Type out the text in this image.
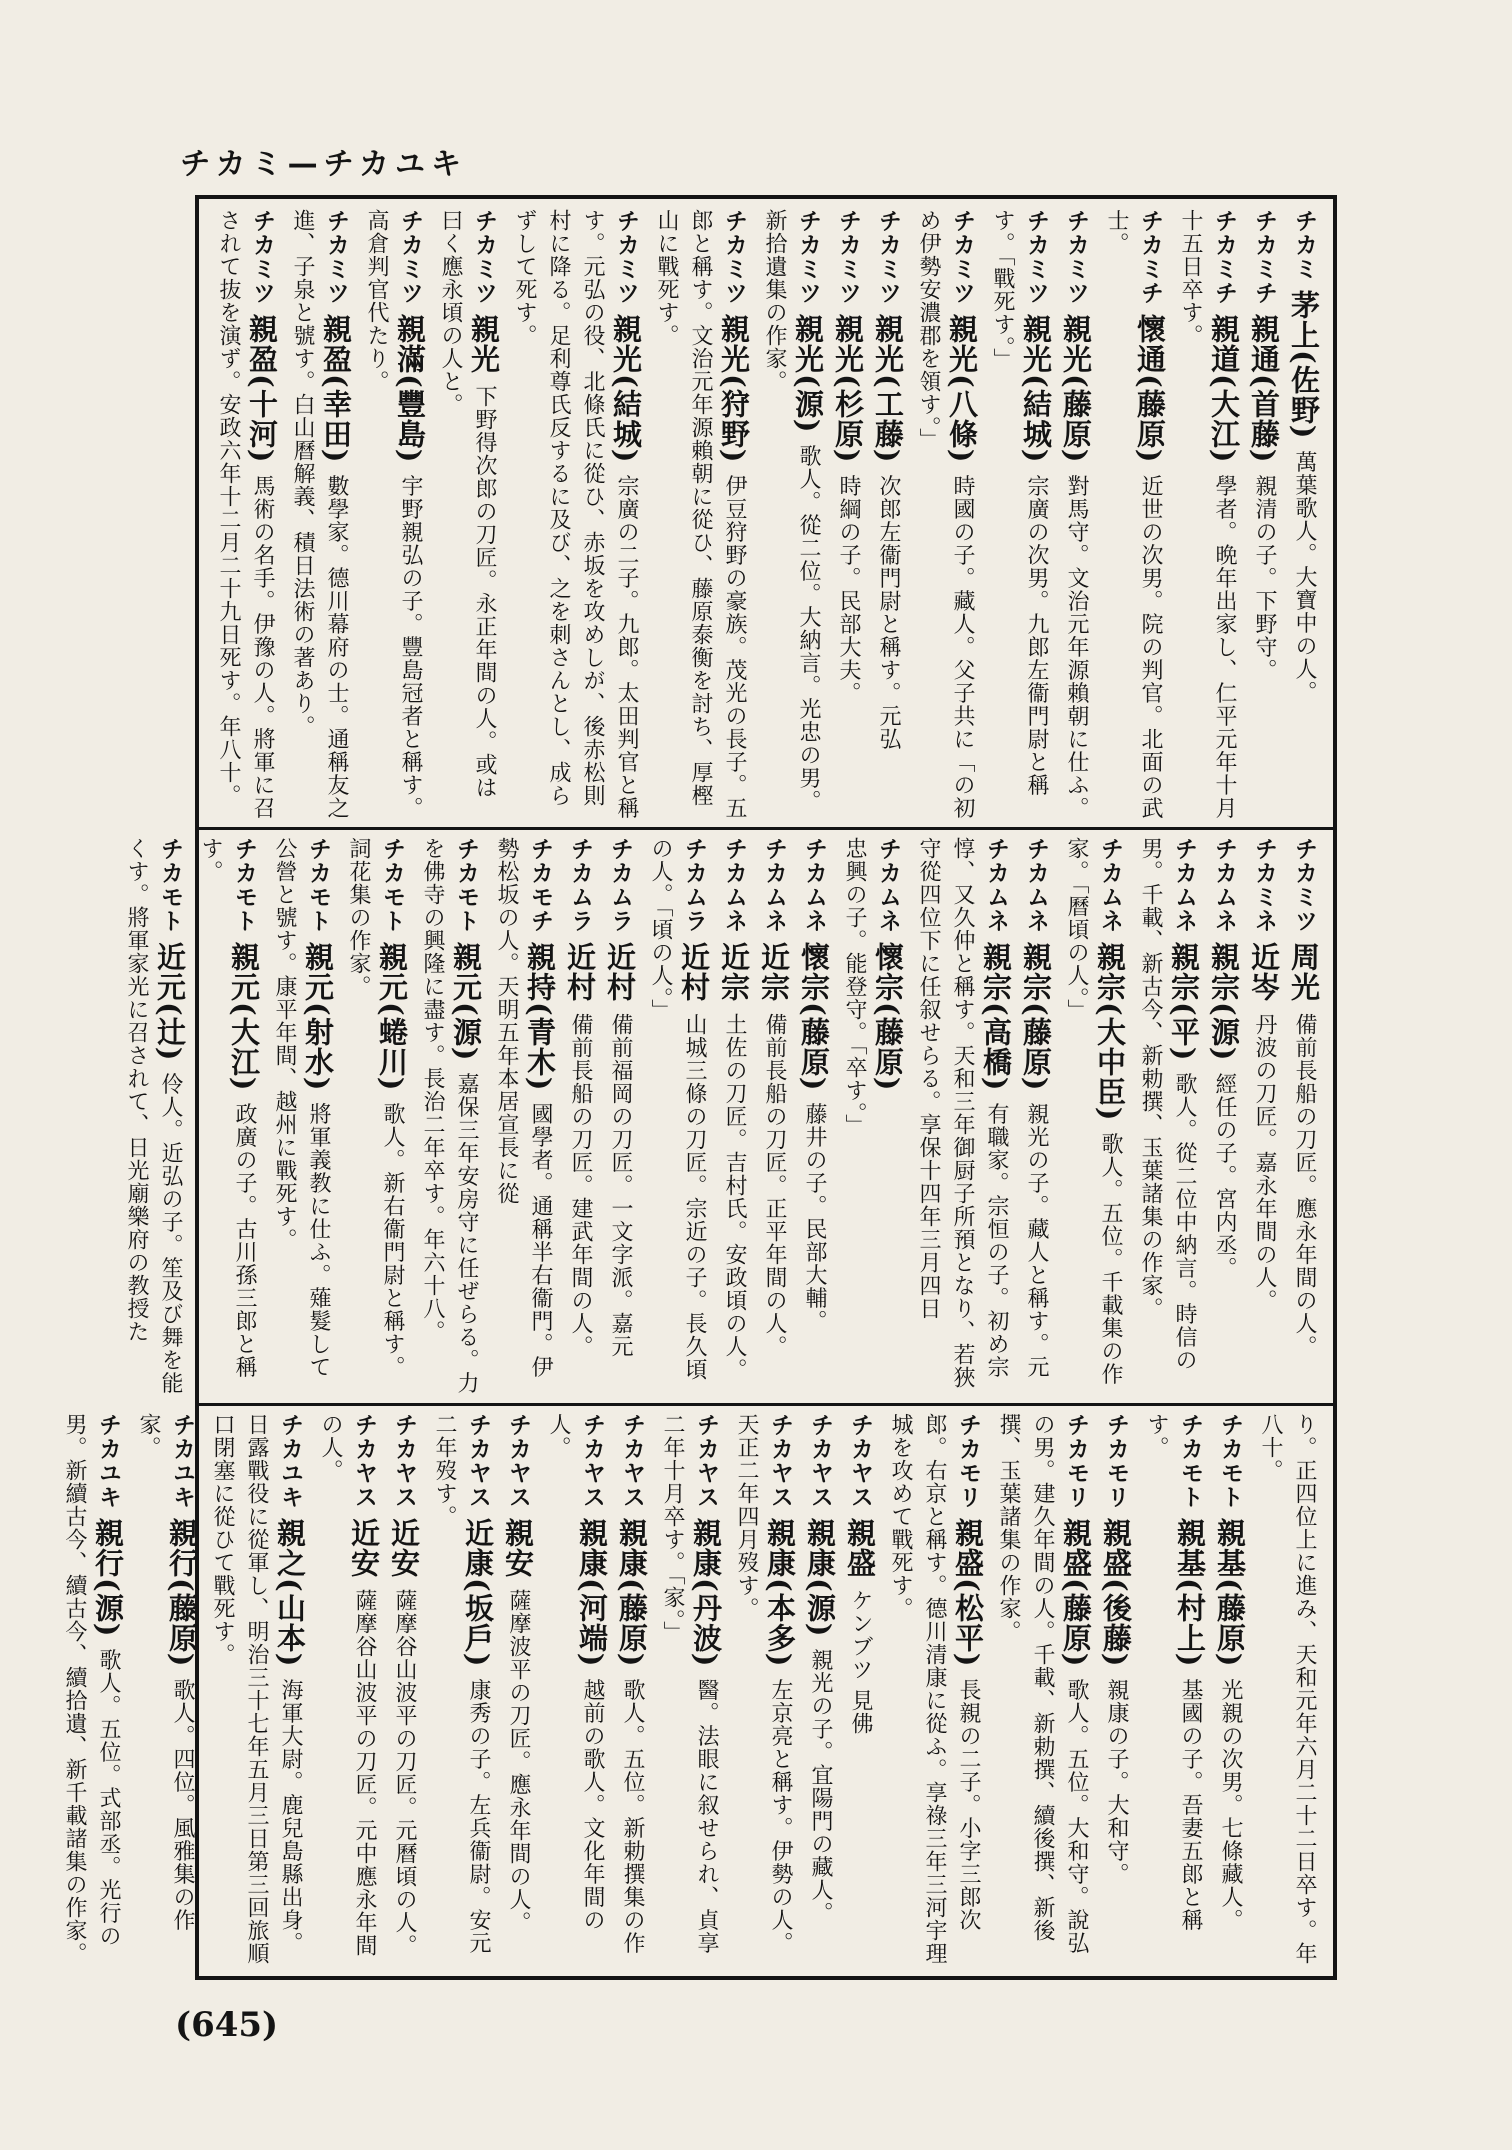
チカミ—チカユキ
チカミ 茅上(佐野) 萬葉歌人。大寶中の人。
チカミチ 親通(首藤) 親清の子。下野守。
チカミチ 親道(大江) 學者。晩年出家し、仁平元年十月十五日卒す。
チカミチ 懷通(藤原) 近世の次男。院の判官。北面の武士。
チカミツ 親光(藤原) 對馬守。文治元年源賴朝に仕ふ。
チカミツ 親光(結城) 宗廣の次男。九郎左衞門尉と稱す。「戰死す。」
チカミツ 親光(八條) 時國の子。藏人。父子共に「の初め伊勢安濃郡を領す。」
チカミツ 親光(工藤) 次郎左衞門尉と稱す。元弘
チカミツ 親光(杉原) 時綱の子。民部大夫。
チカミツ 親光(源) 歌人。從二位。大納言。光忠の男。新拾遺集の作家。
チカミツ 親光(狩野) 伊豆狩野の豪族。茂光の長子。五郎と稱す。文治元年源賴朝に從ひ、藤原泰衡を討ち、厚樫山に戰死す。
チカミツ 親光(結城) 宗廣の二子。九郎。太田判官と稱す。元弘の役、北條氏に從ひ、赤坂を攻めしが、後赤松則村に降る。足利尊氏反するに及び、之を刺さんとし、成らずして死す。
チカミツ 親光 下野得次郎の刀匠。永正年間の人。或は曰く應永頃の人と。
チカミツ 親滿(豐島) 宇野親弘の子。豐島冠者と稱す。高倉判官代たり。
チカミツ 親盈(幸田) 數學家。德川幕府の士。通稱友之進、子泉と號す。白山曆解義、積日法術の著あり。
チカミツ 親盈(十河) 馬術の名手。伊豫の人。將軍に召されて抜を演ず。安政六年十二月二十九日死す。年八十。
チカミツ 周光 備前長船の刀匠。應永年間の人。
チカミネ 近岑 丹波の刀匠。嘉永年間の人。
チカムネ 親宗(源) 經任の子。宮内丞。
チカムネ 親宗(平) 歌人。從二位中納言。時信の男。千載、新古今、新勅撰、玉葉諸集の作家。
チカムネ 親宗(大中臣) 歌人。五位。千載集の作家。「曆頃の人。」
チカムネ 親宗(藤原) 親光の子。藏人と稱す。元
チカムネ 親宗(高橋) 有職家。宗恒の子。初め宗惇、又久仲と稱す。天和三年御厨子所預となり、若狹守從四位下に任叙せらる。享保十四年三月四日
チカムネ 懷宗(藤原) 忠興の子。能登守。「卒す。」
チカムネ 懷宗(藤原) 藤井の子。民部大輔。
チカムネ 近宗 備前長船の刀匠。正平年間の人。
チカムネ 近宗 土佐の刀匠。吉村氏。安政頃の人。
チカムラ 近村 山城三條の刀匠。宗近の子。長久頃の人。「頃の人。」
チカムラ 近村 備前福岡の刀匠。一文字派。嘉元
チカムラ 近村 備前長船の刀匠。建武年間の人。
チカモチ 親持(青木) 國學者。通稱半右衞門。伊勢松坂の人。天明五年本居宣長に從
チカモト 親元(源) 嘉保三年安房守に任ぜらる。力を佛寺の興隆に盡す。長治二年卒す。年六十八。
チカモト 親元(蜷川) 歌人。新右衞門尉と稱す。詞花集の作家。
チカモト 親元(射水) 將軍義教に仕ふ。薙髮して公營と號す。康平年間、越州に戰死す。
チカモト 親元(大江) 政廣の子。古川孫三郎と稱す。
チカモト 近元(辻) 伶人。近弘の子。笙及び舞を能くす。將軍家光に召されて、日光廟樂府の教授た
り。正四位上に進み、天和元年六月二十二日卒す。年八十。
チカモト 親基(藤原) 光親の次男。七條藏人。
チカモト 親基(村上) 基國の子。吾妻五郎と稱す。
チカモリ 親盛(後藤) 親康の子。大和守。
チカモリ 親盛(藤原) 歌人。五位。大和守。說弘の男。建久年間の人。千載、新勅撰、續後撰、新後撰、玉葉諸集の作家。
チカモリ 親盛(松平) 長親の二子。小字三郎次郎。右京と稱す。德川清康に從ふ。享祿三年三河宇理城を攻めて戰死す。
チカヤス 親盛 ケンブツ 見佛
チカヤス 親康(源) 親光の子。宜陽門の藏人。
チカヤス 親康(本多) 左京亮と稱す。伊勢の人。天正二年四月歿す。
チカヤス 親康(丹波) 醫。法眼に叙せられ、貞享二年十月卒す。「家。」
チカヤス 親康(藤原) 歌人。五位。新勅撰集の作
チカヤス 親康(河端) 越前の歌人。文化年間の人。
チカヤス 親安 薩摩波平の刀匠。應永年間の人。
チカヤス 近康(坂戶) 康秀の子。左兵衞尉。安元二年歿す。
チカヤス 近安 薩摩谷山波平の刀匠。元曆頃の人。
チカヤス 近安 薩摩谷山波平の刀匠。元中應永年間の人。
チカユキ 親之(山本) 海軍大尉。鹿兒島縣出身。日露戰役に從軍し、明治三十七年五月三日第三回旅順口閉塞に從ひて戰死す。
チカユキ 親行(藤原) 歌人。四位。風雅集の作家。
チカユキ 親行(源) 歌人。五位。式部丞。光行の男。新續古今、續古今、續拾遺、新千載諸集の作家。
(645)
